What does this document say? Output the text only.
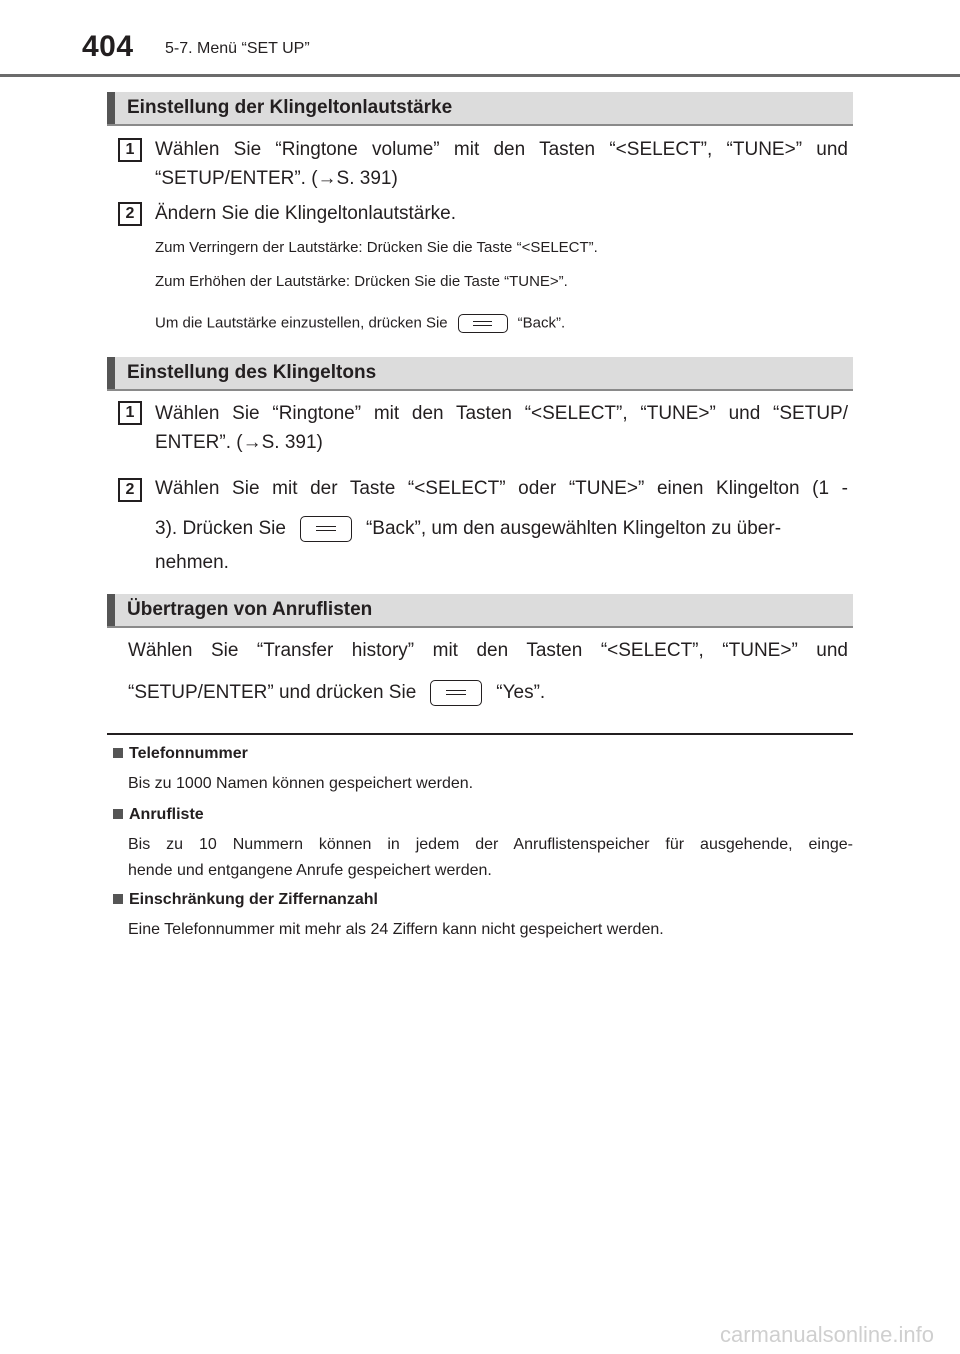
404 5-7. Menü “SET UP”
Einstellung der Klingeltonlautstärke
1	Wählen Sie “Ringtone volume” mit den Tasten “<SELECT”, “TUNE>” und
“SETUP/ENTER”. (→S. 391)
2	Ändern Sie die Klingeltonlautstärke.
Zum Verringern der Lautstärke: Drücken Sie die Taste “<SELECT”.
Zum Erhöhen der Lautstärke: Drücken Sie die Taste “TUNE>”.
Um die Lautstärke einzustellen, drücken Sie	“Back”.
Einstellung des Klingeltons
1	Wählen Sie “Ringtone” mit den Tasten “<SELECT”, “TUNE>” und “SETUP/
ENTER”. (→S. 391)
2	Wählen Sie mit der Taste “<SELECT” oder “TUNE>” einen Klingelton (1 -
3). Drücken Sie	“Back”, um den ausgewählten Klingelton zu über-
nehmen.
Übertragen von Anruflisten
Wählen Sie “Transfer history” mit den Tasten “<SELECT”, “TUNE>” und
“SETUP/ENTER” und drücken Sie	“Yes”.
Telefonnummer
Bis zu 1000 Namen können gespeichert werden.
Anrufliste
Bis zu 10 Nummern können in jedem der Anruflistenspeicher für ausgehende, einge-
hende und entgangene Anrufe gespeichert werden.
Einschränkung der Ziffernanzahl
Eine Telefonnummer mit mehr als 24 Ziffern kann nicht gespeichert werden.
carmanualsonline.info
